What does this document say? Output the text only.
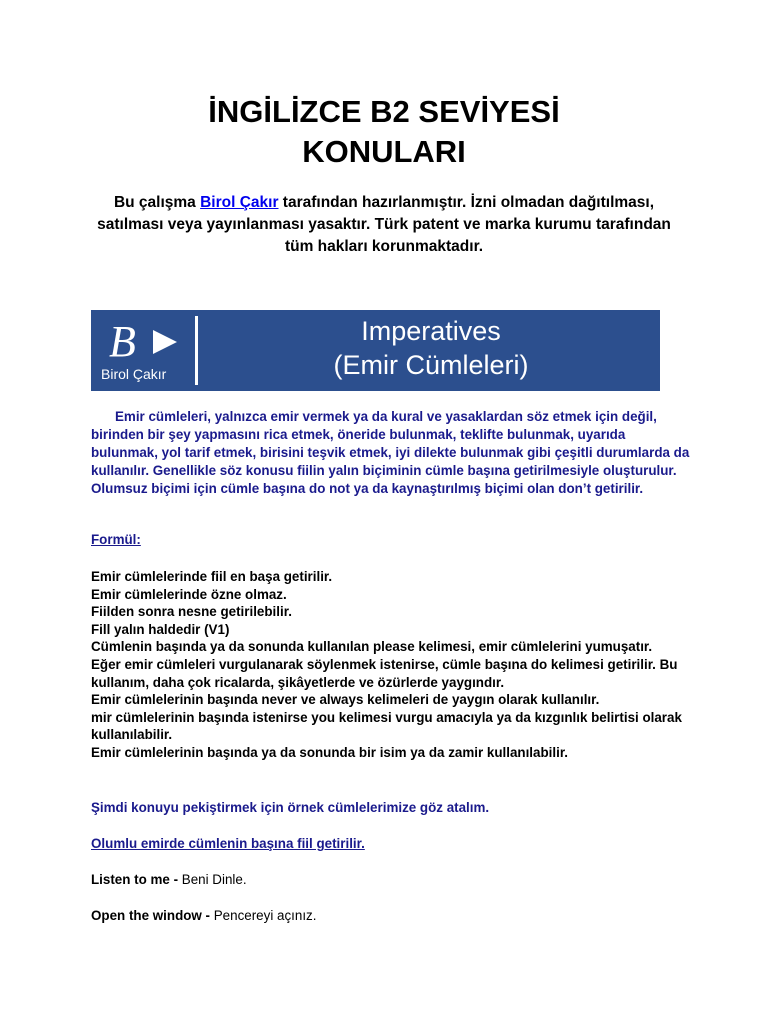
İNGİLİZCE B2 SEVİYESİ
KONULARI
Bu çalışma Birol Çakır tarafından hazırlanmıştır. İzni olmadan dağıtılması, satılması veya yayınlanması yasaktır. Türk patent ve marka kurumu tarafından tüm hakları korunmaktadır.
B
Birol Çakır
Imperatives
(Emir Cümleleri)

Emir cümleleri, yalnızca emir vermek ya da kural ve yasaklardan söz etmek için değil, birinden bir şey yapmasını rica etmek, öneride bulunmak, teklifte bulunmak, uyarıda bulunmak, yol tarif etmek, birisini teşvik etmek, iyi dilekte bulunmak gibi çeşitli durumlarda da kullanılır. Genellikle söz konusu fiilin yalın biçiminin cümle başına getirilmesiyle oluşturulur. Olumsuz biçimi için cümle başına do not ya da kaynaştırılmış biçimi olan don’t getirilir.

Formül:
Emir cümlelerinde fiil en başa getirilir.
Emir cümlelerinde özne olmaz.
Fiilden sonra nesne getirilebilir.
Fill yalın haldedir (V1)
Cümlenin başında ya da sonunda kullanılan please kelimesi, emir cümlelerini yumuşatır.
Eğer emir cümleleri vurgulanarak söylenmek istenirse, cümle başına do kelimesi getirilir. Bu kullanım, daha çok ricalarda, şikâyetlerde ve özürlerde yaygındır.
Emir cümlelerinin başında never ve always kelimeleri de yaygın olarak kullanılır.
mir cümlelerinin başında istenirse you kelimesi vurgu amacıyla ya da kızgınlık belirtisi olarak kullanılabilir.
Emir cümlelerinin başında ya da sonunda bir isim ya da zamir kullanılabilir.
Şimdi konuyu pekiştirmek için örnek cümlelerimize göz atalım.
Olumlu emirde cümlenin başına fiil getirilir.
Listen to me - Beni Dinle.
Open the window - Pencereyi açınız.
